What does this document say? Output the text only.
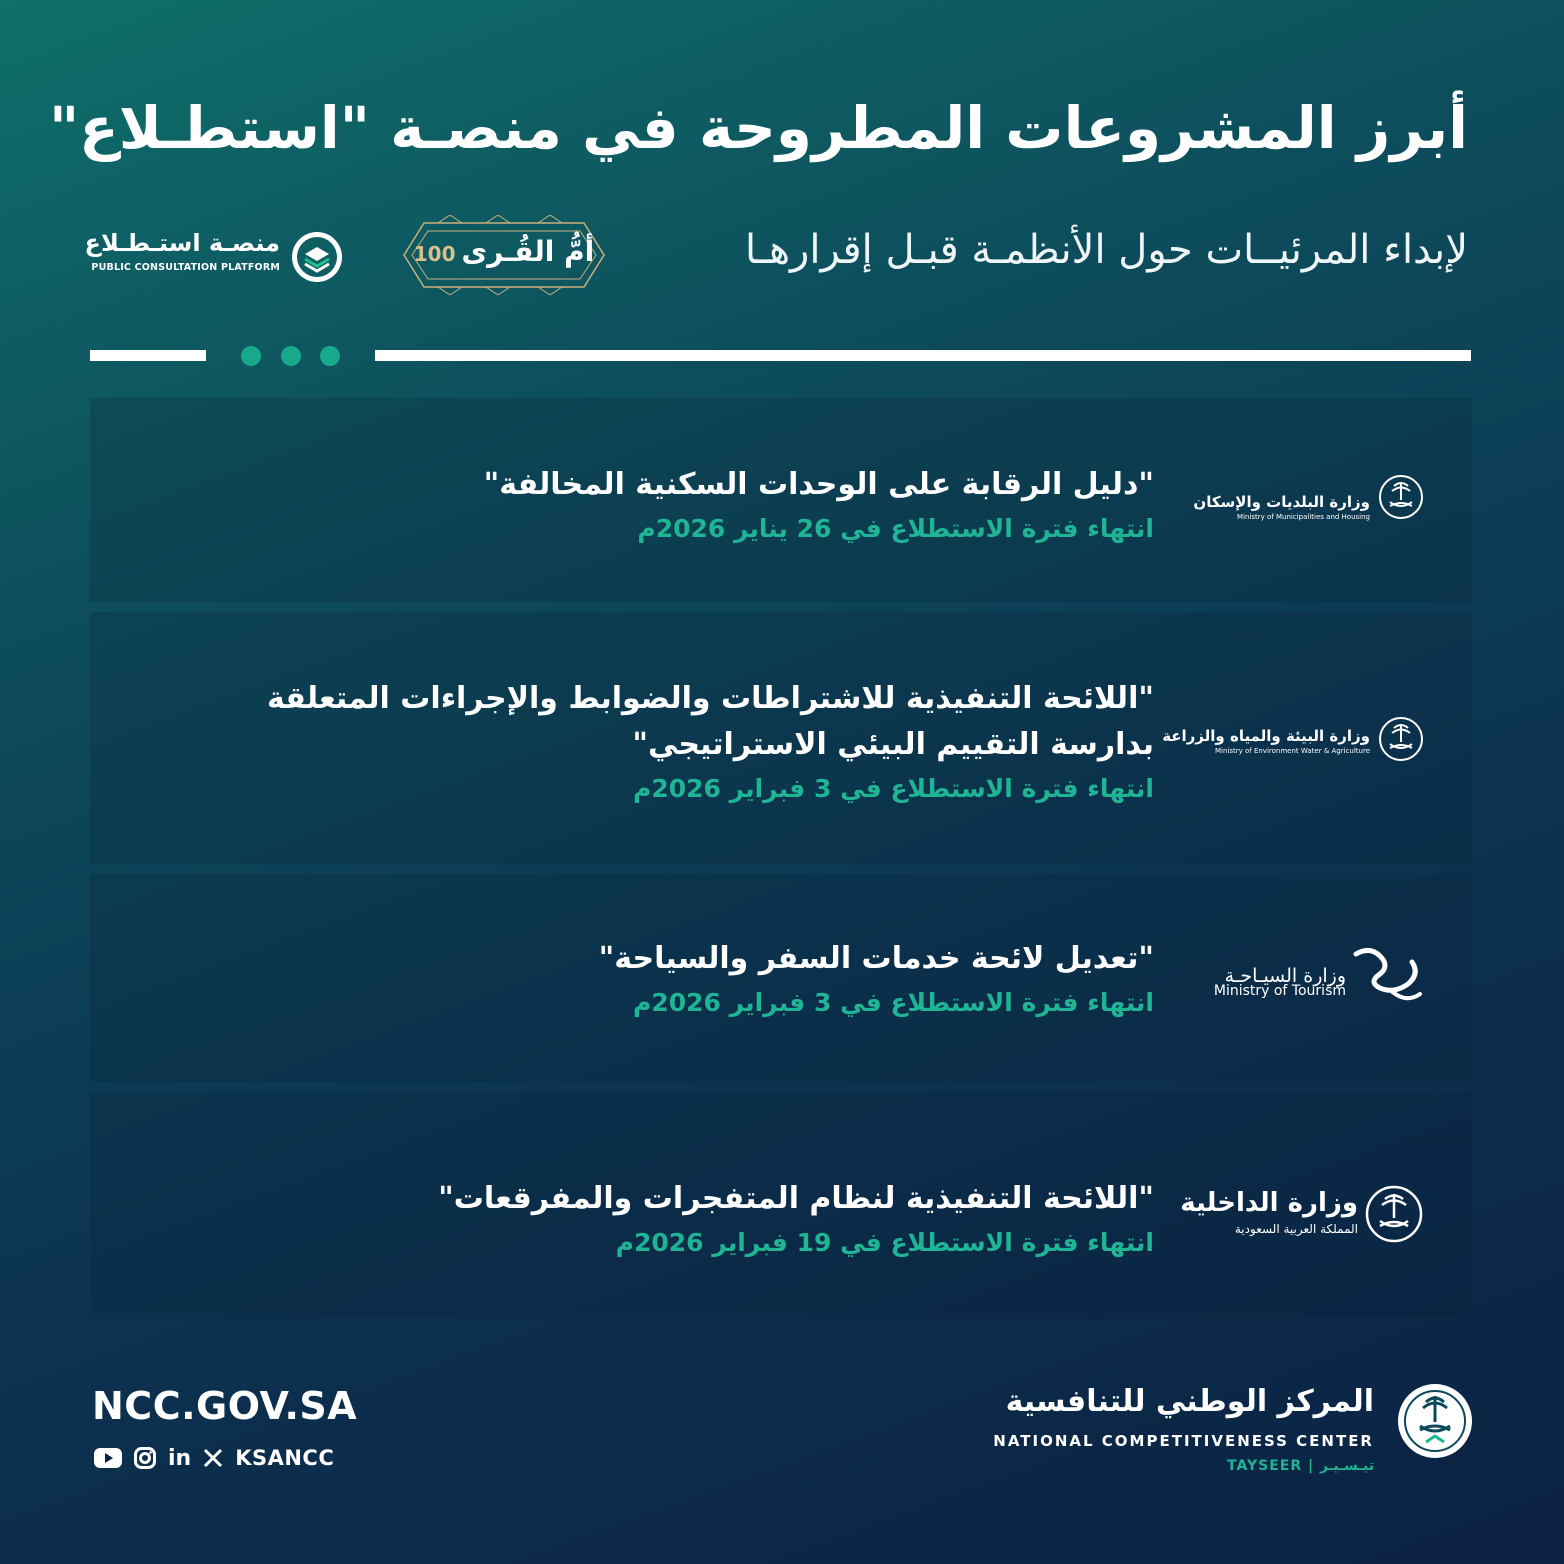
أبرز المشروعات المطروحة في منصـة "استطـلاع"
لإبداء المرئيــات حول الأنظمـة قبـل إقرارهـا
أمُّ القُـرى100
منصـة استـطـلاع
PUBLIC CONSULTATION PLATFORM
"دليل الرقابة على الوحدات السكنية المخالفة"
انتهاء فترة الاستطلاع في 26 يناير 2026م
وزارة البلديات والإسكان
Ministry of Municipalities and Housing
"اللائحة التنفيذية للاشتراطات والضوابط والإجراءات المتعلقة بدارسة التقييم البيئي الاستراتيجي"
انتهاء فترة الاستطلاع في 3 فبراير 2026م
وزارة البيئة والمياه والزراعة
Ministry of Environment Water & Agriculture
"تعديل لائحة خدمات السفر والسياحة"
انتهاء فترة الاستطلاع في 3 فبراير 2026م
وزارة السيـاحـة
Ministry of Tourism
"اللائحة التنفيذية لنظام المتفجرات والمفرقعات"
انتهاء فترة الاستطلاع في 19 فبراير 2026م
وزارة الداخلية
المملكة العربية السعودية
NCC.GOV.SA
in KSANCC
المركز الوطني للتنافسية
NATIONAL COMPETITIVENESS CENTER
TAYSEER | تيـسـيـر
